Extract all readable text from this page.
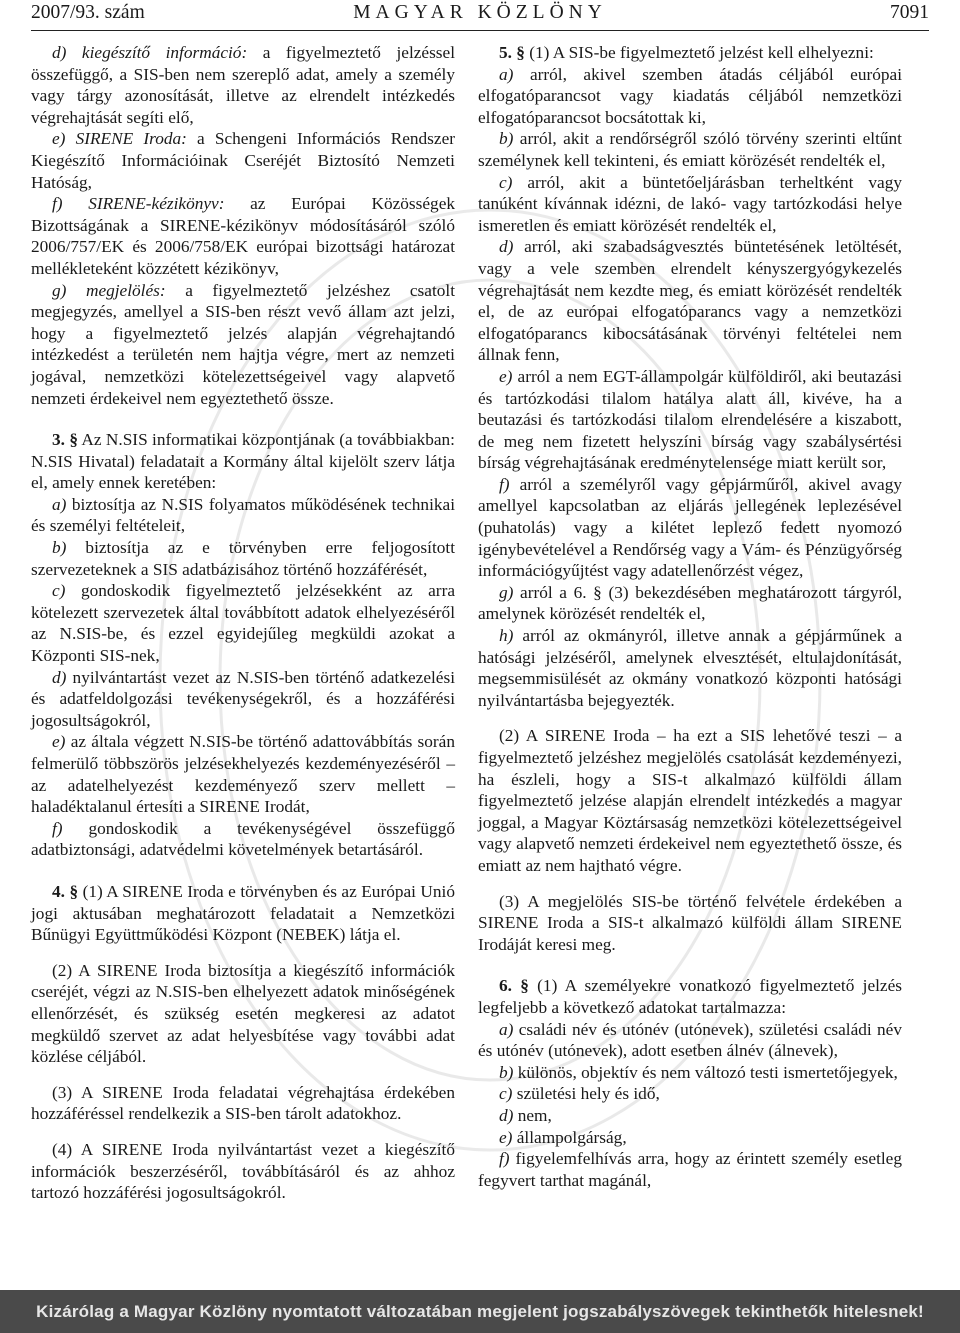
2007/93. szám	MAGYAR KÖZLÖNY	7091

d) kiegészítő információ: a figyelmeztető jelzéssel összefüggő, a SIS-ben nem szereplő adat, amely a személy vagy tárgy azonosítását, illetve az elrendelt intézkedés végrehajtását segíti elő,

e) SIRENE Iroda: a Schengeni Információs Rendszer Kiegészítő Információinak Cseréjét Biztosító Nemzeti Hatóság,

f) SIRENE-kézikönyv: az Európai Közösségek Bizottságának a SIRENE-kézikönyv módosításáról szóló 2006/757/EK és 2006/758/EK európai bizottsági határozat mellékleteként közzétett kézikönyv,

g) megjelölés: a figyelmeztető jelzéshez csatolt megjegyzés, amellyel a SIS-ben részt vevő állam azt jelzi, hogy a figyelmeztető jelzés alapján végrehajtandó intézkedést a területén nem hajtja végre, mert az nemzeti jogával, nemzetközi kötelezettségeivel vagy alapvető nemzeti érdekeivel nem egyeztethető össze.

3. § Az N.SIS informatikai központjának (a továbbiakban: N.SIS Hivatal) feladatait a Kormány által kijelölt szerv látja el, amely ennek keretében:

a) biztosítja az N.SIS folyamatos működésének technikai és személyi feltételeit,

b) biztosítja az e törvényben erre feljogosított szervezeteknek a SIS adatbázisához történő hozzáférését,

c) gondoskodik figyelmeztető jelzésekként az arra kötelezett szervezetek által továbbított adatok elhelyezéséről az N.SIS-be, és ezzel egyidejűleg megküldi azokat a Központi SIS-nek,

d) nyilvántartást vezet az N.SIS-ben történő adatkezelési és adatfeldolgozási tevékenységekről, és a hozzáférési jogosultságokról,

e) az általa végzett N.SIS-be történő adattovábbítás során felmerülő többszörös jelzésekhelyezés kezdeményezéséről – az adatelhelyezést kezdeményező szerv mellett – haladéktalanul értesíti a SIRENE Irodát,

f) gondoskodik a tevékenységével összefüggő adatbiztonsági, adatvédelmi követelmények betartásáról.

4. § (1) A SIRENE Iroda e törvényben és az Európai Unió jogi aktusában meghatározott feladatait a Nemzetközi Bűnügyi Együttműködési Központ (NEBEK) látja el.

(2) A SIRENE Iroda biztosítja a kiegészítő információk cseréjét, végzi az N.SIS-ben elhelyezett adatok minőségének ellenőrzését, és szükség esetén megkeresi az adatot megküldő szervet az adat helyesbítése vagy további adat közlése céljából.

(3) A SIRENE Iroda feladatai végrehajtása érdekében hozzáféréssel rendelkezik a SIS-ben tárolt adatokhoz.

(4) A SIRENE Iroda nyilvántartást vezet a kiegészítő információk beszerzéséről, továbbításáról és az ahhoz tartozó hozzáférési jogosultságokról.

5. § (1) A SIS-be figyelmeztető jelzést kell elhelyezni:

a) arról, akivel szemben átadás céljából európai elfogatóparancsot vagy kiadatás céljából nemzetközi elfogatóparancsot bocsátottak ki,

b) arról, akit a rendőrségről szóló törvény szerinti eltűnt személynek kell tekinteni, és emiatt körözését rendelték el,

c) arról, akit a büntetőeljárásban terheltként vagy tanúként kívánnak idézni, de lakó- vagy tartózkodási helye ismeretlen és emiatt körözését rendelték el,

d) arról, aki szabadságvesztés büntetésének letöltését, vagy a vele szemben elrendelt kényszergyógykezelés végrehajtását nem kezdte meg, és emiatt körözését rendelték el, de az európai elfogatóparancs vagy a nemzetközi elfogatóparancs kibocsátásának törvényi feltételei nem állnak fenn,

e) arról a nem EGT-állampolgár külföldiről, aki beutazási és tartózkodási tilalom hatálya alatt áll, kivéve, ha a beutazási és tartózkodási tilalom elrendelésére a kiszabott, de meg nem fizetett helyszíni bírság vagy szabálysértési bírság végrehajtásának eredménytelensége miatt került sor,

f) arról a személyről vagy gépjárműről, akivel avagy amellyel kapcsolatban az eljárás jellegének leplezésével (puhatolás) vagy a kilétet leplező fedett nyomozó igénybevételével a Rendőrség vagy a Vám- és Pénzügyőrség információgyűjtést vagy adatellenőrzést végez,

g) arról a 6. § (3) bekezdésében meghatározott tárgyról, amelynek körözését rendelték el,

h) arról az okmányról, illetve annak a gépjárműnek a hatósági jelzéséről, amelynek elvesztését, eltulajdonítását, megsemmisülését az okmány vonatkozó központi hatósági nyilvántartásba bejegyezték.

(2) A SIRENE Iroda – ha ezt a SIS lehetővé teszi – a figyelmeztető jelzéshez megjelölés csatolását kezdeményezi, ha észleli, hogy a SIS-t alkalmazó külföldi állam figyelmeztető jelzése alapján elrendelt intézkedés a magyar joggal, a Magyar Köztársaság nemzetközi kötelezettségeivel vagy alapvető nemzeti érdekeivel nem egyeztethető össze, és emiatt az nem hajtható végre.

(3) A megjelölés SIS-be történő felvétele érdekében a SIRENE Iroda a SIS-t alkalmazó külföldi állam SIRENE Irodáját keresi meg.

6. § (1) A személyekre vonatkozó figyelmeztető jelzés legfeljebb a következő adatokat tartalmazza:

a) családi név és utónév (utónevek), születési családi név és utónév (utónevek), adott esetben álnév (álnevek),

b) különös, objektív és nem változó testi ismertetőjegyek,

c) születési hely és idő,

d) nem,

e) állampolgárság,

f) figyelemfelhívás arra, hogy az érintett személy esetleg fegyvert tarthat magánál,

Kizárólag a Magyar Közlöny nyomtatott változatában megjelent jogszabályszövegek tekinthetők hitelesnek!
